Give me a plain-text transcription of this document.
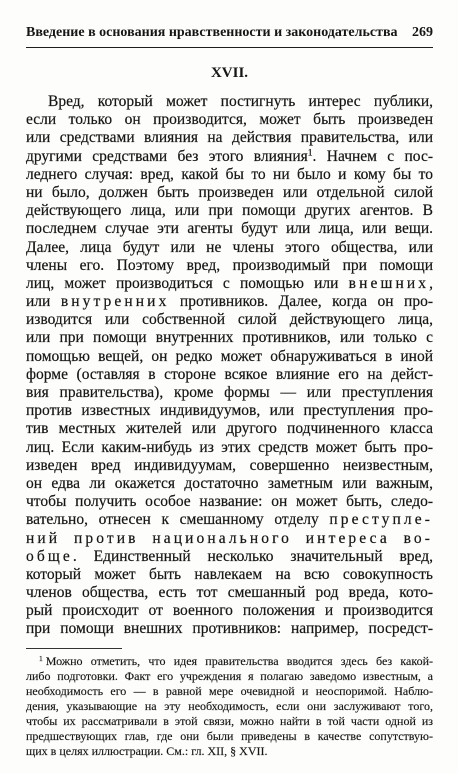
Введение в основания нравственности и законодательства 269
XVII.
Вред, который может постигнуть интерес публики,
если только он производится, может быть произведен
или средствами влияния на действия правительства, или
другими средствами без этого влияния$^1$. Начнем с пос-
леднего случая: вред, какой бы то ни было и кому бы то
ни было, должен быть произведен или отдельной силой
действующего лица, или при помощи других агентов. В
последнем случае эти агенты будут или лица, или вещи.
Далее, лица будут или не члены этого общества, или
члены его. Поэтому вред, производимый при помощи
лиц, может производиться с помощью или внешних,
или внутренних противников. Далее, когда он про-
изводится или собственной силой действующего лица,
или при помощи внутренних противников, или только с
помощью вещей, он редко может обнаруживаться в иной
форме (оставляя в стороне всякое влияние его на дейст-
вия правительства), кроме формы — или преступления
против известных индивидуумов, или преступления про-
тив местных жителей или другого подчиненного класса
лиц. Если каким-нибудь из этих средств может быть про-
изведен вред индивидуумам, совершенно неизвестным,
он едва ли окажется достаточно заметным или важным,
чтобы получить особое название: он может быть, следо-
вательно, отнесен к смешанному отделу преступле-
ний против национального интереса во-
обще. Единственный несколько значительный вред,
который может быть навлекаем на всю совокупность
членов общества, есть тот смешанный род вреда, кото-
рый происходит от военного положения и производится
при помощи внешних противников: например, посредст-
$^1$ Можно отметить, что идея правительства вводится здесь без какой-
либо подготовки. Факт его учреждения я полагаю заведомо известным, а
необходимость его — в равной мере очевидной и неоспоримой. Наблю-
дения, указывающие на эту необходимость, если они заслуживают того,
чтобы их рассматривали в этой связи, можно найти в той части одной из
предшествующих глав, где они были приведены в качестве сопутствую-
щих в целях иллюстрации. См.: гл. XII, § XVII.
